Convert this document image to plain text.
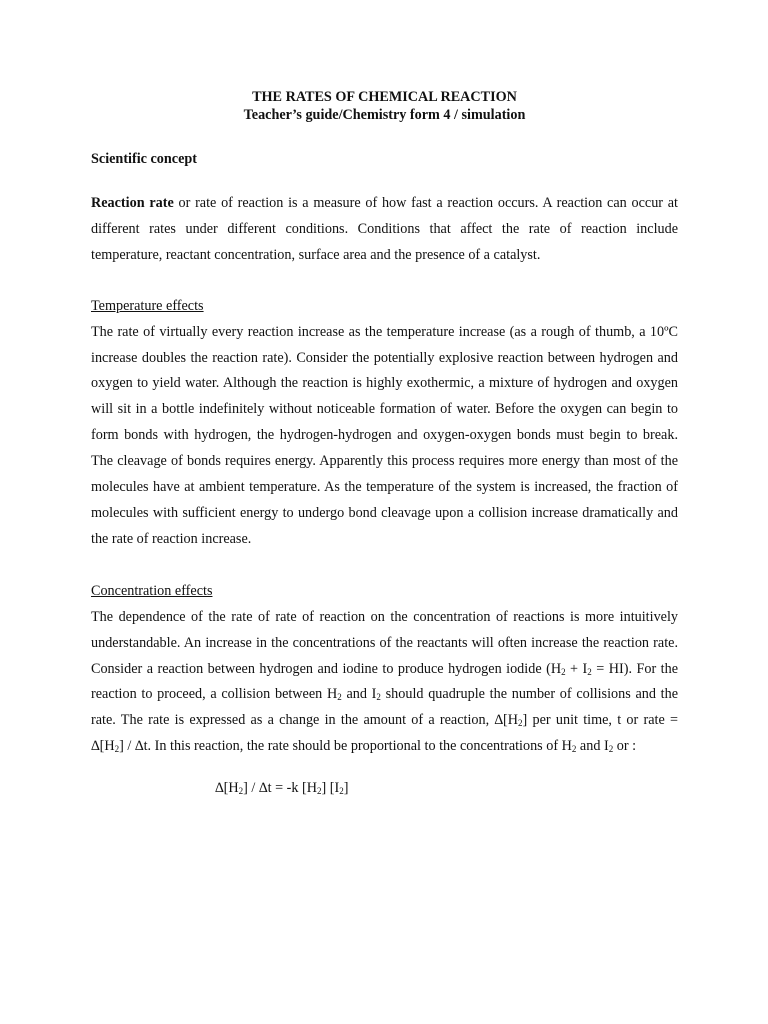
THE RATES OF CHEMICAL REACTION
Teacher’s guide/Chemistry form 4 / simulation
Scientific concept

Reaction rate or rate of reaction is a measure of how fast a reaction occurs. A reaction can occur at different rates under different conditions. Conditions that affect the rate of reaction include temperature, reactant concentration, surface area and the presence of a catalyst.

Temperature effects

The rate of virtually every reaction increase as the temperature increase (as a rough of thumb, a 10ºC increase doubles the reaction rate). Consider the potentially explosive reaction between hydrogen and oxygen to yield water. Although the reaction is highly exothermic, a mixture of hydrogen and oxygen will sit in a bottle indefinitely without noticeable formation of water. Before the oxygen can begin to form bonds with hydrogen, the hydrogen-hydrogen and oxygen-oxygen bonds must begin to break. The cleavage of bonds requires energy. Apparently this process requires more energy than most of the molecules have at ambient temperature. As the temperature of the system is increased, the fraction of molecules with sufficient energy to undergo bond cleavage upon a collision increase dramatically and the rate of reaction increase.

Concentration effects

The dependence of the rate of rate of reaction on the concentration of reactions is more intuitively understandable. An increase in the concentrations of the reactants will often increase the reaction rate. Consider a reaction between hydrogen and iodine to produce hydrogen iodide $(H_2 + I_2 = HI)$. For the reaction to proceed, a collision between $H_2$ and $I_2$ should quadruple the number of collisions and the rate. The rate is expressed as a change in the amount of a reaction, $\Delta[H_2]$ per unit time, t or rate = $\Delta[H_2] / \Delta t$. In this reaction, the rate should be proportional to the concentrations of $H_2$ and $I_2$ or :

$\Delta[H_2] / \Delta t = -k$ $[H_2]$ $[I_2]$
